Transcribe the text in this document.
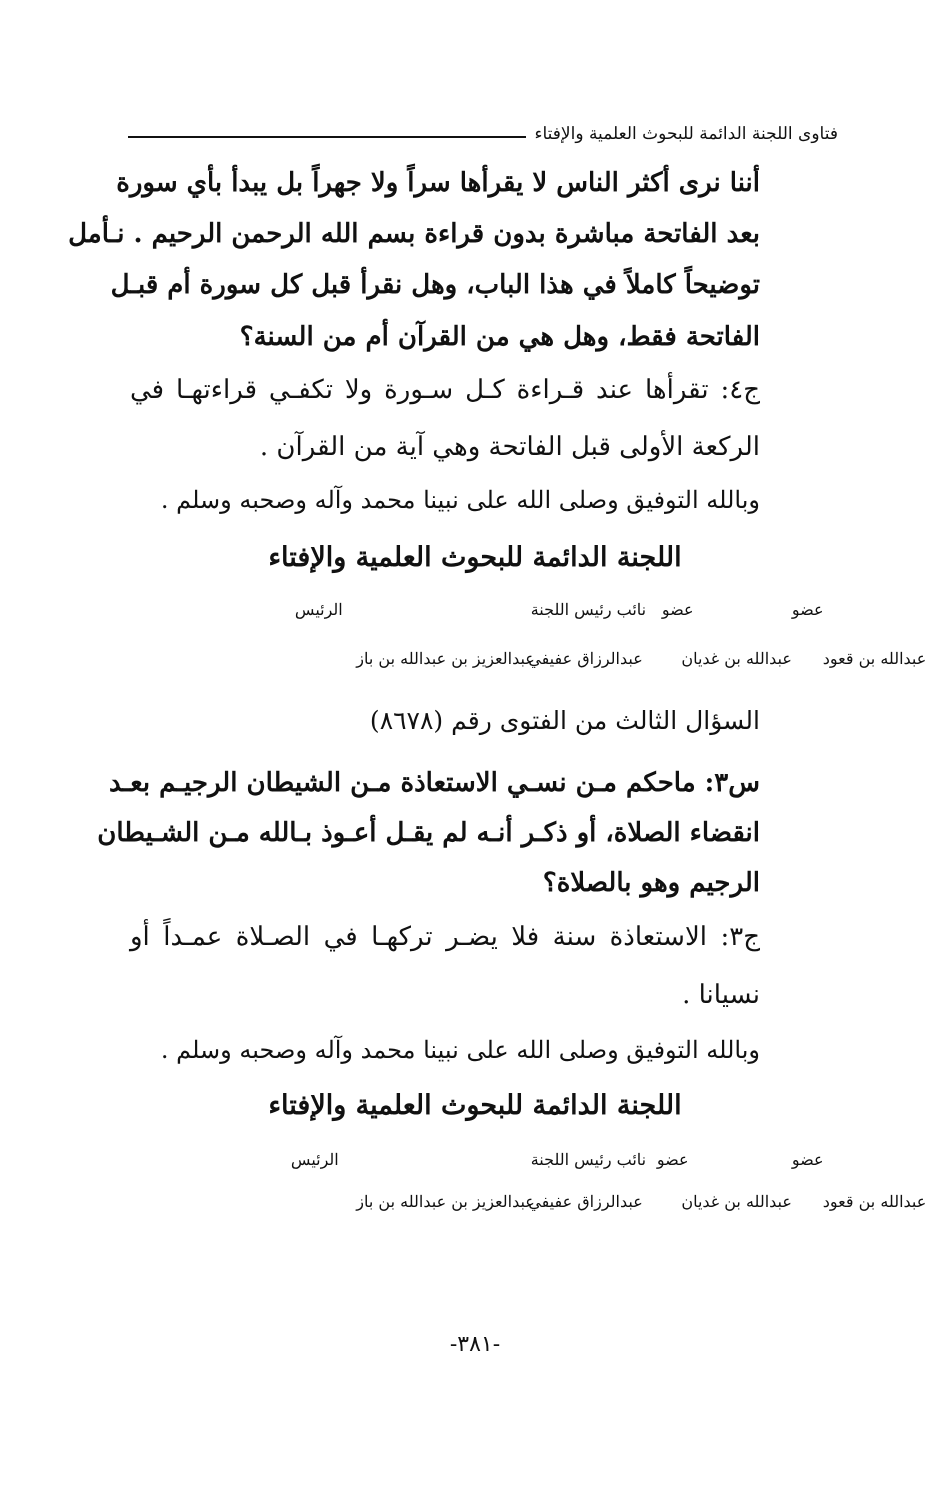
فتاوى اللجنة الدائمة للبحوث العلمية والإفتاء
أننا نرى أكثر الناس لا يقرأها سراً ولا جهراً بل يبدأ بأي سورة
بعد الفاتحة مباشرة بدون قراءة بسم الله الرحمن الرحيم . نـأمل
توضيحاً كاملاً في هذا الباب، وهل نقرأ قبل كل سورة أم قبـل
الفاتحة فقط، وهل هي من القرآن أم من السنة؟
ج٤: تقرأها عند قـراءة كـل سـورة ولا تكفـي قراءتهـا في
الركعة الأولى قبل الفاتحة وهي آية من القرآن .
وبالله التوفيق وصلى الله على نبينا محمد وآله وصحبه وسلم .
اللجنة الدائمة للبحوث العلمية والإفتاء
عضو
عضو
نائب رئيس اللجنة
الرئيس
عبدالله بن قعود
عبدالله بن غديان
عبدالرزاق عفيفي
عبدالعزيز بن عبدالله بن باز
السؤال الثالث من الفتوى رقم (٨٦٧٨)
س٣: ماحكم مـن نسـي الاستعاذة مـن الشيطان الرجيـم بعـد
انقضاء الصلاة، أو ذكـر أنـه لم يقـل أعـوذ بـالله مـن الشـيطان
الرجيم وهو بالصلاة؟
ج٣: الاستعاذة سنة فلا يضـر تركهـا في الصـلاة عمـداً أو
نسيانا .
وبالله التوفيق وصلى الله على نبينا محمد وآله وصحبه وسلم .
اللجنة الدائمة للبحوث العلمية والإفتاء
عضو
عضو
نائب رئيس اللجنة
الرئيس
عبدالله بن قعود
عبدالله بن غديان
عبدالرزاق عفيفي
عبدالعزيز بن عبدالله بن باز
-٣٨١-
